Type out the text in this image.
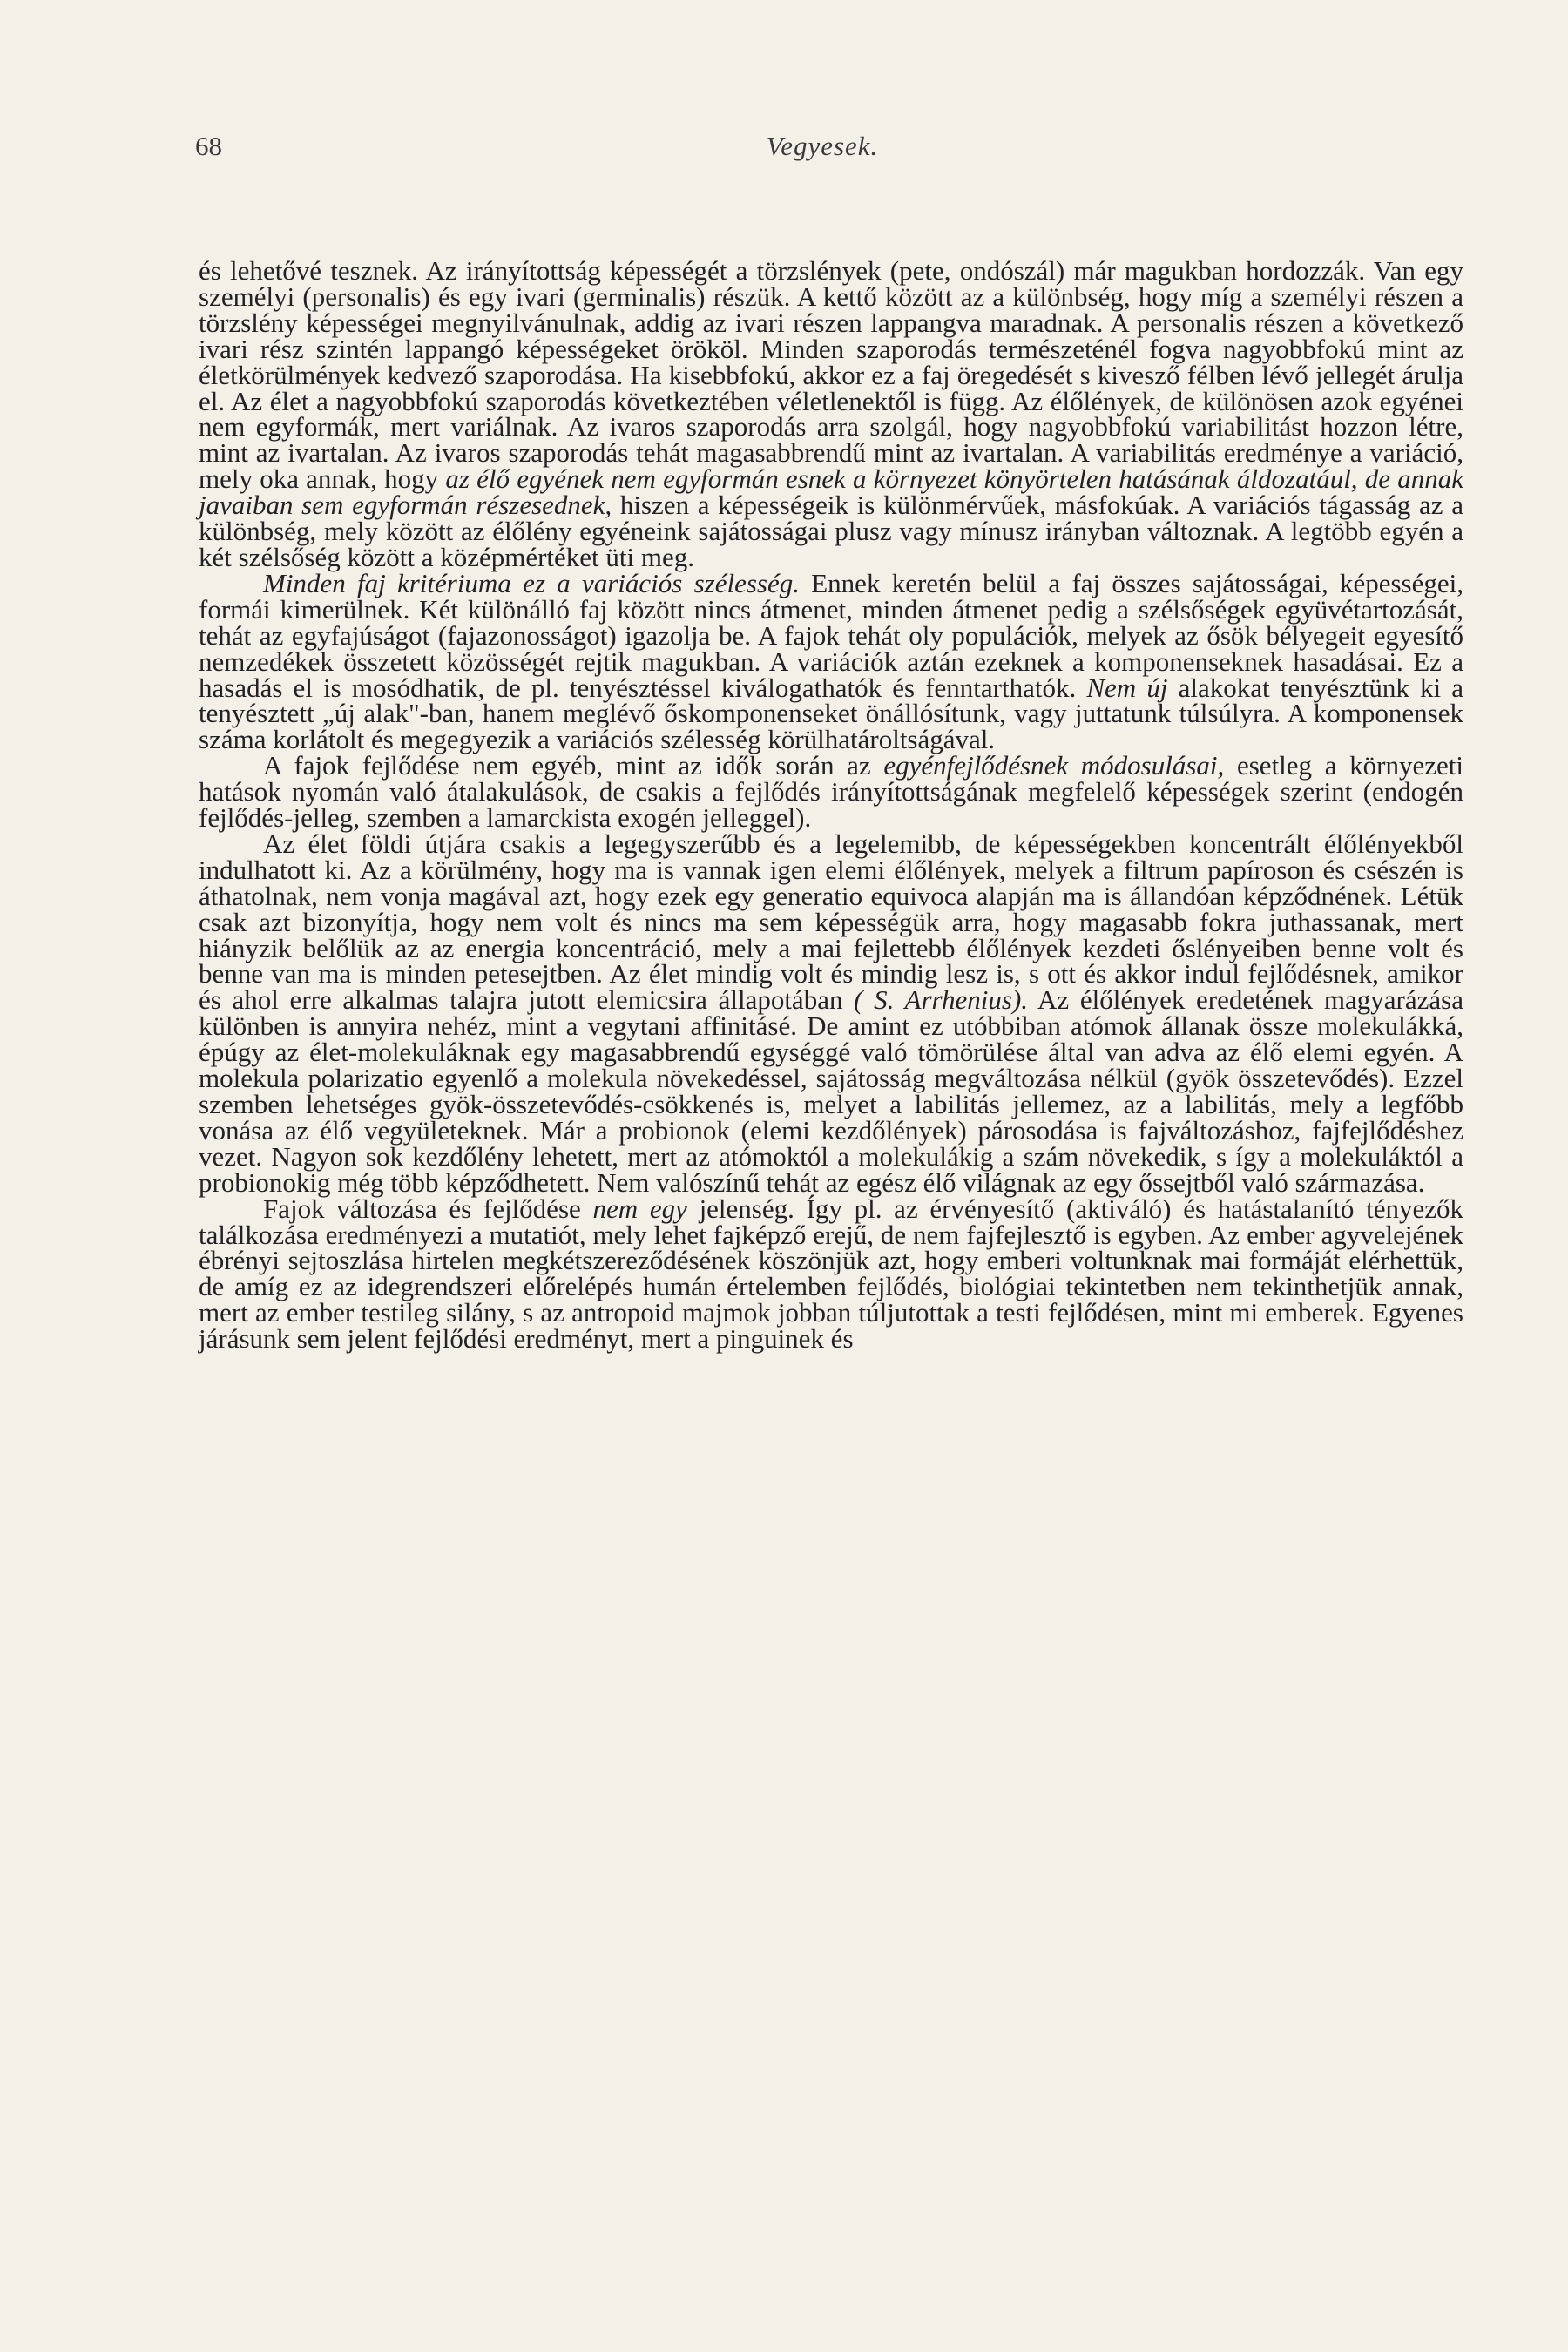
68	Vegyesek.

és lehetővé tesznek. Az irányítottság képességét a törzslények (pete, ondószál) már magukban hordozzák. Van egy személyi (personalis) és egy ivari (germinalis) részük. A kettő között az a különbség, hogy míg a személyi részen a törzslény képességei megnyilvánulnak, addig az ivari részen lappangva maradnak. A personalis részen a következő ivari rész szintén lappangó képességeket örököl. Minden szaporodás természeténél fogva nagyobbfokú mint az életkörülmények kedvező szaporodása. Ha kisebbfokú, akkor ez a faj öregedését s kivesző félben lévő jellegét árulja el. Az élet a nagyobbfokú szaporodás következtében véletlenektől is függ. Az élőlények, de különösen azok egyénei nem egyformák, mert variálnak. Az ivaros szaporodás arra szolgál, hogy nagyobbfokú variabilitást hozzon létre, mint az ivartalan. Az ivaros szaporodás tehát magasabbrendű mint az ivartalan. A variabilitás eredménye a variáció, mely oka annak, hogy az élő egyének nem egyformán esnek a környezet könyörtelen hatásának áldozatául, de annak javaiban sem egyformán részesednek, hiszen a képességeik is különmérvűek, másfokúak. A variációs tágasság az a különbség, mely között az élőlény egyéneink sajátosságai plusz vagy mínusz irányban változnak. A legtöbb egyén a két szélsőség között a középmértéket üti meg.

Minden faj kritériuma ez a variációs szélesség. Ennek keretén belül a faj összes sajátosságai, képességei, formái kimerülnek. Két különálló faj között nincs átmenet, minden átmenet pedig a szélsőségek együvétartozását, tehát az egyfajúságot (fajazonosságot) igazolja be. A fajok tehát oly populációk, melyek az ősök bélyegeit egyesítő nemzedékek összetett közösségét rejtik magukban. A variációk aztán ezeknek a komponenseknek hasadásai. Ez a hasadás el is mosódhatik, de pl. tenyésztéssel kiválogathatók és fenntarthatók. Nem új alakokat tenyésztünk ki a tenyésztett „új alak"-ban, hanem meglévő őskomponenseket önállósítunk, vagy juttatunk túlsúlyra. A komponensek száma korlátolt és megegyezik a variációs szélesség körülhatároltságával.

A fajok fejlődése nem egyéb, mint az idők során az egyénfejlődésnek módosulásai, esetleg a környezeti hatások nyomán való átalakulások, de csakis a fejlődés irányítottságának megfelelő képességek szerint (endogén fejlődés-jelleg, szemben a lamarckista exogén jelleggel).

Az élet földi útjára csakis a legegyszerűbb és a legelemibb, de képességekben koncentrált élőlényekből indulhatott ki. Az a körülmény, hogy ma is vannak igen elemi élőlények, melyek a filtrum papíroson és csészén is áthatolnak, nem vonja magával azt, hogy ezek egy generatio equivoca alapján ma is állandóan képződnének. Létük csak azt bizonyítja, hogy nem volt és nincs ma sem képességük arra, hogy magasabb fokra juthassanak, mert hiányzik belőlük az az energia koncentráció, mely a mai fejlettebb élőlények kezdeti őslényeiben benne volt és benne van ma is minden petesejtben. Az élet mindig volt és mindig lesz is, s ott és akkor indul fejlődésnek, amikor és ahol erre alkalmas talajra jutott elemicsira állapotában ( S. Arrhenius). Az élőlények eredetének magyarázása különben is annyira nehéz, mint a vegytani affinitásé. De amint ez utóbbiban atómok állanak össze molekulákká, épúgy az élet-molekuláknak egy magasabbrendű egységgé való tömörülése által van adva az élő elemi egyén. A molekula polarizatio egyenlő a molekula növekedéssel, sajátosság megváltozása nélkül (gyök összetevődés). Ezzel szemben lehetséges gyök-összetevődés-csökkenés is, melyet a labilitás jellemez, az a labilitás, mely a legfőbb vonása az élő vegyületeknek. Már a probionok (elemi kezdőlények) párosodása is fajváltozáshoz, fajfejlődéshez vezet. Nagyon sok kezdőlény lehetett, mert az atómoktól a molekulákig a szám növekedik, s így a molekuláktól a probionokig még több képződhetett. Nem valószínű tehát az egész élő világnak az egy őssejtből való származása.

Fajok változása és fejlődése nem egy jelenség. Így pl. az érvényesítő (aktiváló) és hatástalanító tényezők találkozása eredményezi a mutatiót, mely lehet fajképző erejű, de nem fajfejlesztő is egyben. Az ember agyvelejének ébrényi sejtoszlása hirtelen megkétszereződésének köszönjük azt, hogy emberi voltunknak mai formáját elérhettük, de amíg ez az idegrendszeri előrelépés humán értelemben fejlődés, biológiai tekintetben nem tekinthetjük annak, mert az ember testileg silány, s az antropoid majmok jobban túljutottak a testi fejlődésen, mint mi emberek. Egyenes járásunk sem jelent fejlődési eredményt, mert a pinguinek és
